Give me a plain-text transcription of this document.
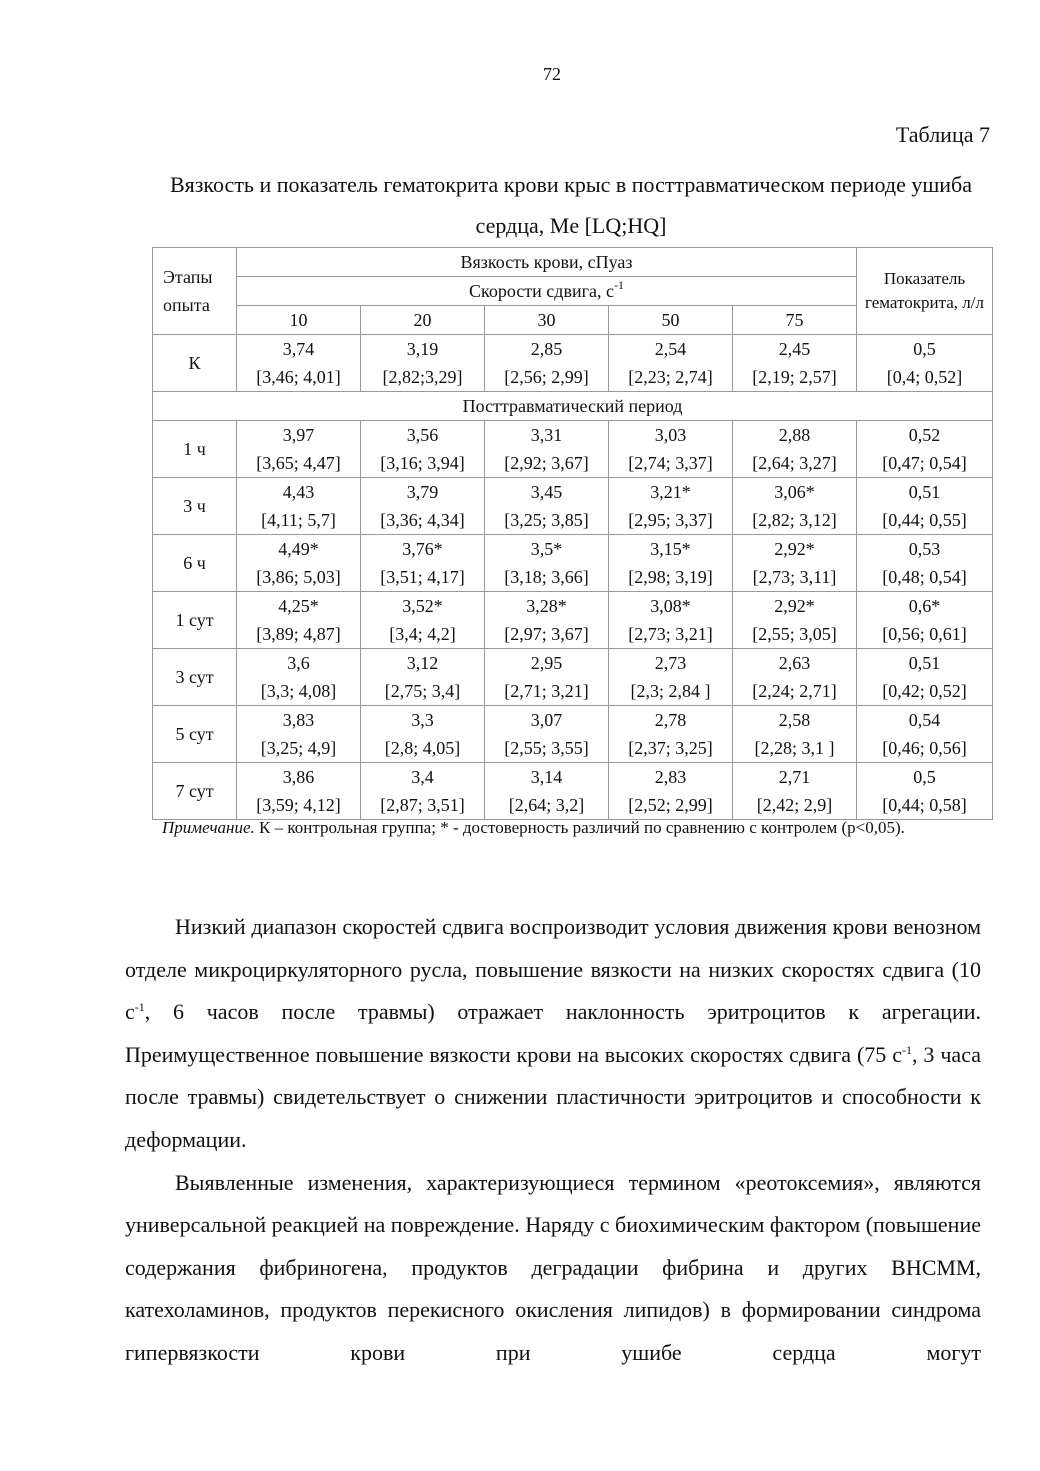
72
Таблица 7
Вязкость и показатель гематокрита крови крыс в посттравматическом периоде ушиба сердца, Me [LQ;HQ]
Этапы опыта	Вязкость крови, сПуаз					Показатель гематокрита, л/л
	Скорости сдвига, $с^{-1}$
	10	20	30	50	75	
К	3,74	3,19	2,85	2,54	2,45	0,5
	[3,46; 4,01]	[2,82;3,29]	[2,56; 2,99]	[2,23; 2,74]	[2,19; 2,57]	[0,4; 0,52]
Посттравматический период						
1 ч	3,97	3,56	3,31	3,03	2,88	0,52
	[3,65; 4,47]	[3,16; 3,94]	[2,92; 3,67]	[2,74; 3,37]	[2,64; 3,27]	[0,47; 0,54]
3 ч	4,43	3,79	3,45	3,21*	3,06*	0,51
	[4,11; 5,7]	[3,36; 4,34]	[3,25; 3,85]	[2,95; 3,37]	[2,82; 3,12]	[0,44; 0,55]
6 ч	4,49*	3,76*	3,5*	3,15*	2,92*	0,53
	[3,86; 5,03]	[3,51; 4,17]	[3,18; 3,66]	[2,98; 3,19]	[2,73; 3,11]	[0,48; 0,54]
1 сут	4,25*	3,52*	3,28*	3,08*	2,92*	0,6*
	[3,89; 4,87]	[3,4; 4,2]	[2,97; 3,67]	[2,73; 3,21]	[2,55; 3,05]	[0,56; 0,61]
3 сут	3,6	3,12	2,95	2,73	2,63	0,51
	[3,3; 4,08]	[2,75; 3,4]	[2,71; 3,21]	[2,3; 2,84 ]	[2,24; 2,71]	[0,42; 0,52]
5 сут	3,83	3,3	3,07	2,78	2,58	0,54
	[3,25; 4,9]	[2,8; 4,05]	[2,55; 3,55]	[2,37; 3,25]	[2,28; 3,1 ]	[0,46; 0,56]
7 сут	3,86	3,4	3,14	2,83	2,71	0,5
	[3,59; 4,12]	[2,87; 3,51]	[2,64; 3,2]	[2,52; 2,99]	[2,42; 2,9]	[0,44; 0,58]
Примечание. К – контрольная группа; * - достоверность различий по сравнению с контролем (р<0,05).

Низкий диапазон скоростей сдвига воспроизводит условия движения крови венозном отделе микроциркуляторного русла, повышение вязкости на низких скоростях сдвига (10 $с^{-1}$, 6 часов после травмы) отражает наклонность эритроцитов к агрегации. Преимущественное повышение вязкости крови на высоких скоростях сдвига (75 $с^{-1}$, 3 часа после травмы) свидетельствует о снижении пластичности эритроцитов и способности к деформации.

Выявленные изменения, характеризующиеся термином «реотоксемия», являются универсальной реакцией на повреждение. Наряду с биохимическим фактором (повышение содержания фибриногена, продуктов деградации фибрина и других ВНСММ, катехоламинов, продуктов перекисного окисления липидов) в формировании синдрома гипервязкости крови при ушибе сердца могут
